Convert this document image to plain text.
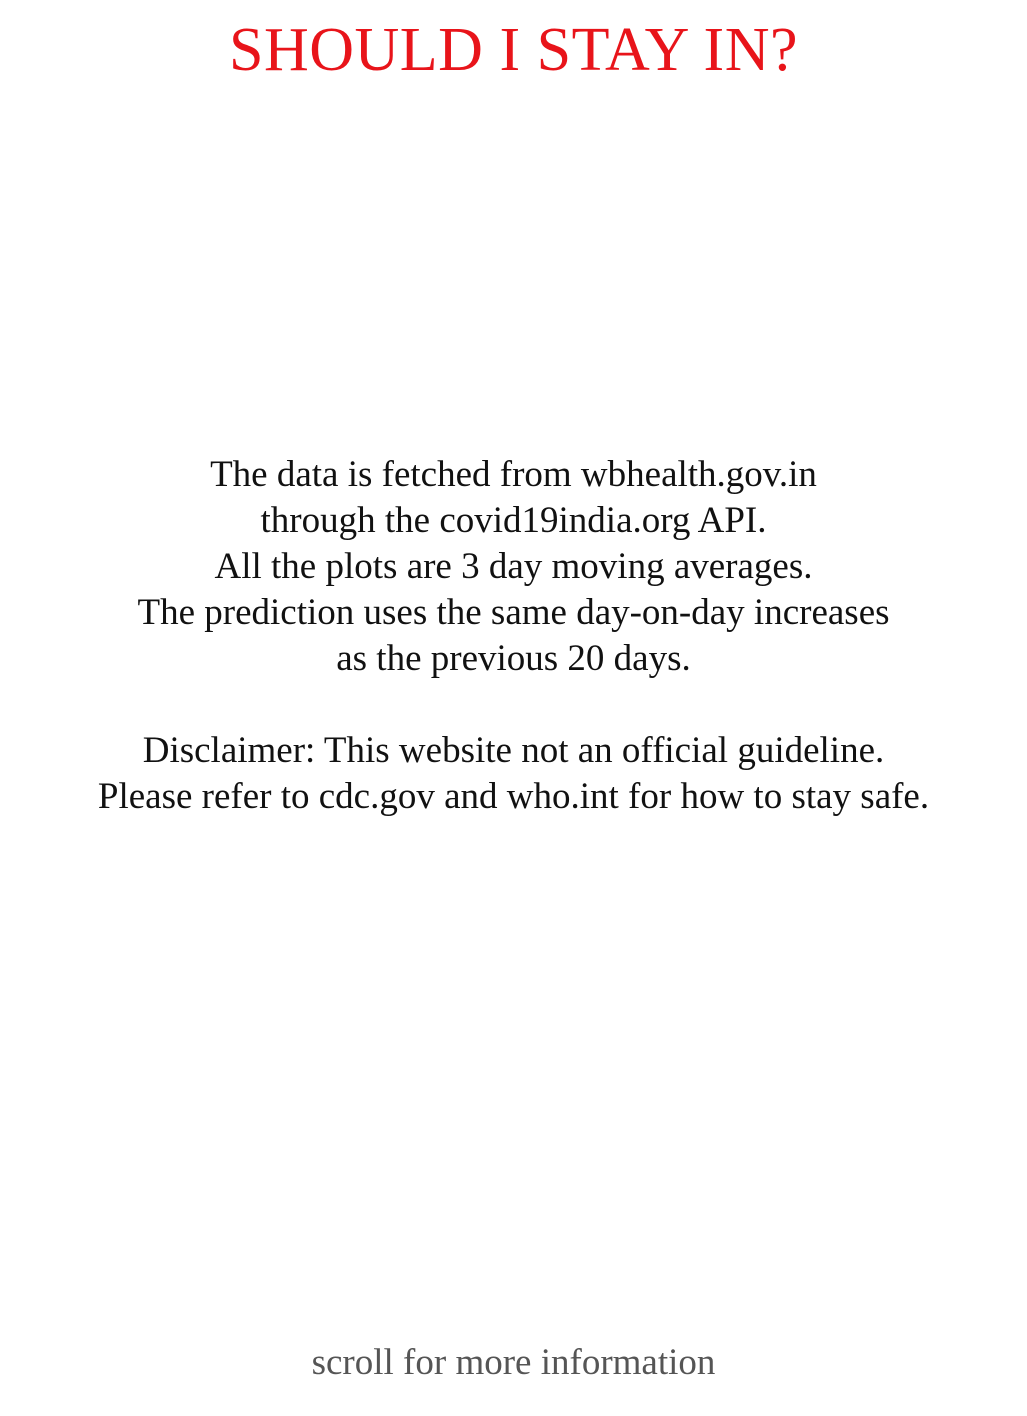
SHOULD I STAY IN?
The data is fetched from wbhealth.gov.in
through the covid19india.org API.
All the plots are 3 day moving averages.
The prediction uses the same day-on-day increases
as the previous 20 days.
Disclaimer: This website not an official guideline.
Please refer to cdc.gov and who.int for how to stay safe.
scroll for more information
